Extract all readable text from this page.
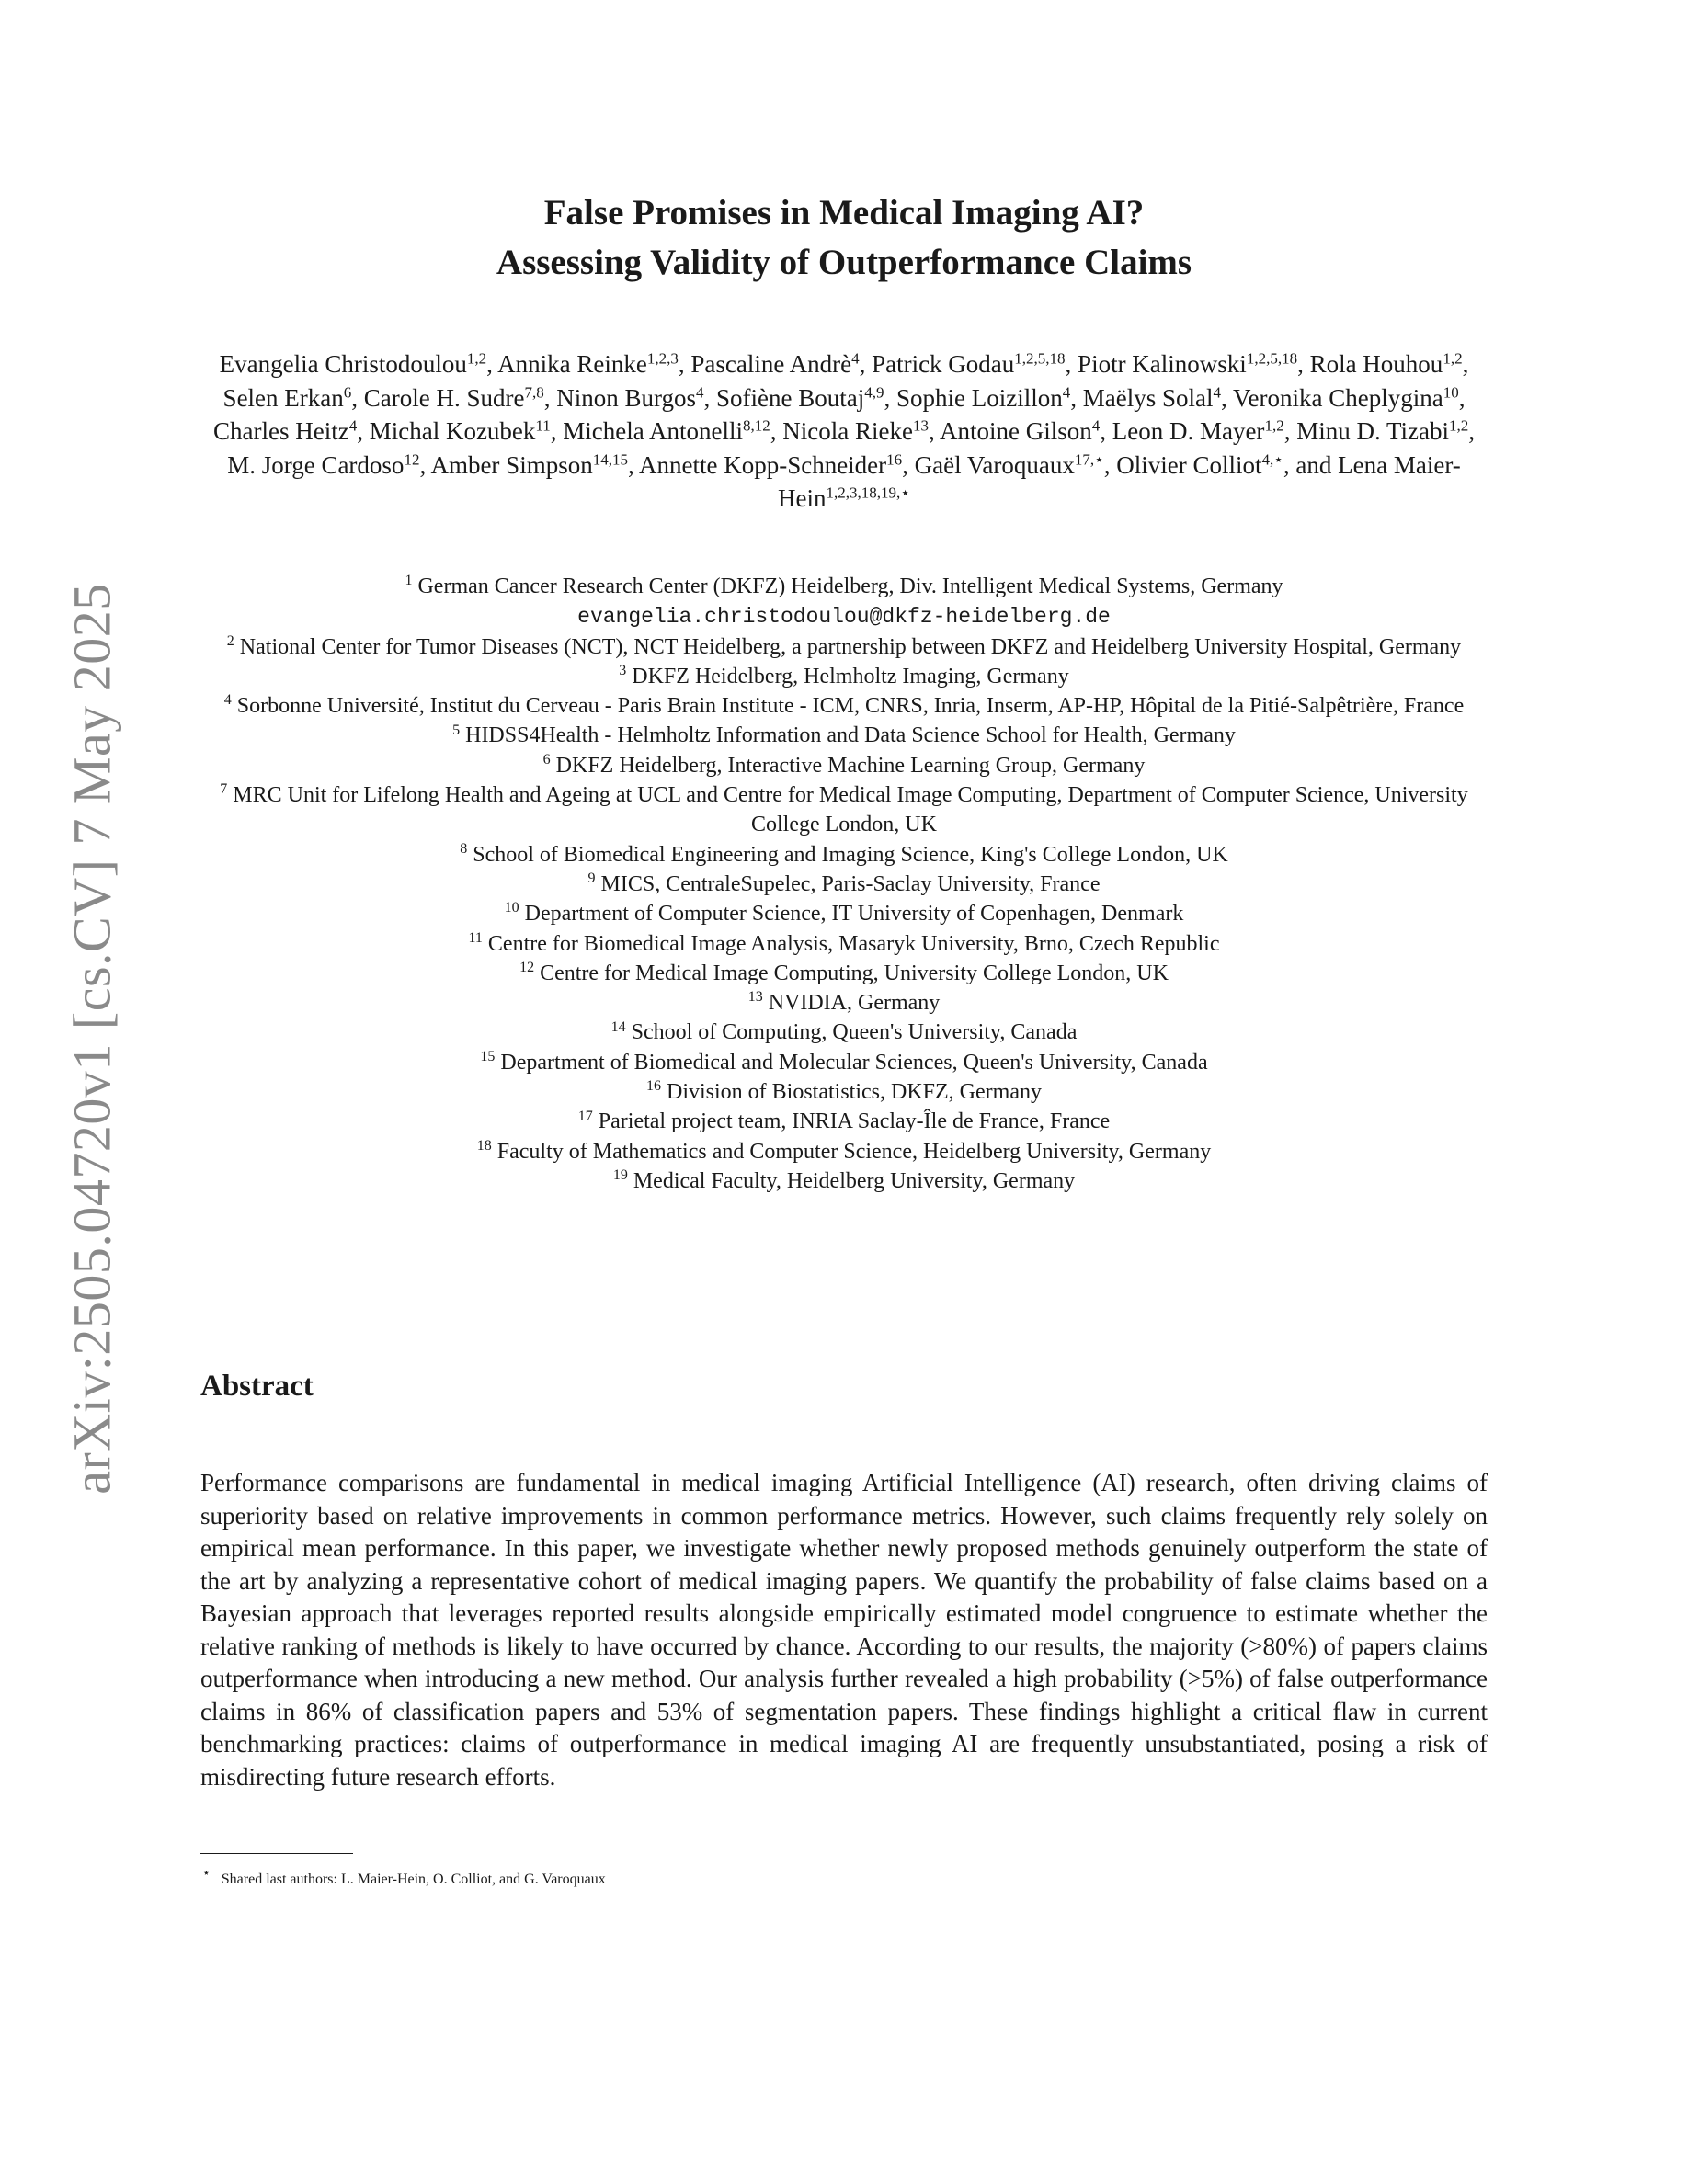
arXiv:2505.04720v1 [cs.CV] 7 May 2025
False Promises in Medical Imaging AI?
Assessing Validity of Outperformance Claims
Evangelia Christodoulou$^{1,2}$, Annika Reinke$^{1,2,3}$, Pascaline Andrè$^4$, Patrick Godau$^{1,2,5,18}$, Piotr Kalinowski$^{1,2,5,18}$, Rola Houhou$^{1,2}$, Selen Erkan$^6$, Carole H. Sudre$^{7,8}$, Ninon Burgos$^4$, Sofiène Boutaj$^{4,9}$, Sophie Loizillon$^4$, Maëlys Solal$^4$, Veronika Cheplygina$^{10}$, Charles Heitz$^4$, Michal Kozubek$^{11}$, Michela Antonelli$^{8,12}$, Nicola Rieke$^{13}$, Antoine Gilson$^4$, Leon D. Mayer$^{1,2}$, Minu D. Tizabi$^{1,2}$, M. Jorge Cardoso$^{12}$, Amber Simpson$^{14,15}$, Annette Kopp-Schneider$^{16}$, Gaël Varoquaux$^{17,⋆}$, Olivier Colliot$^{4,⋆}$, and Lena Maier-Hein$^{1,2,3,18,19,⋆}$
$^1$ German Cancer Research Center (DKFZ) Heidelberg, Div. Intelligent Medical Systems, Germany
evangelia.christodoulou@dkfz-heidelberg.de
$^2$ National Center for Tumor Diseases (NCT), NCT Heidelberg, a partnership between DKFZ and Heidelberg University Hospital, Germany
$^3$ DKFZ Heidelberg, Helmholtz Imaging, Germany
$^4$ Sorbonne Université, Institut du Cerveau - Paris Brain Institute - ICM, CNRS, Inria, Inserm, AP-HP, Hôpital de la Pitié-Salpêtrière, France
$^5$ HIDSS4Health - Helmholtz Information and Data Science School for Health, Germany
$^6$ DKFZ Heidelberg, Interactive Machine Learning Group, Germany
$^7$ MRC Unit for Lifelong Health and Ageing at UCL and Centre for Medical Image Computing, Department of Computer Science, University College London, UK
$^8$ School of Biomedical Engineering and Imaging Science, King's College London, UK
$^9$ MICS, CentraleSupelec, Paris-Saclay University, France
$^{10}$ Department of Computer Science, IT University of Copenhagen, Denmark
$^{11}$ Centre for Biomedical Image Analysis, Masaryk University, Brno, Czech Republic
$^{12}$ Centre for Medical Image Computing, University College London, UK
$^{13}$ NVIDIA, Germany
$^{14}$ School of Computing, Queen's University, Canada
$^{15}$ Department of Biomedical and Molecular Sciences, Queen's University, Canada
$^{16}$ Division of Biostatistics, DKFZ, Germany
$^{17}$ Parietal project team, INRIA Saclay-Île de France, France
$^{18}$ Faculty of Mathematics and Computer Science, Heidelberg University, Germany
$^{19}$ Medical Faculty, Heidelberg University, Germany
Abstract

Performance comparisons are fundamental in medical imaging Artificial Intelligence (AI) research, often driving claims of superiority based on relative improvements in common performance metrics. However, such claims frequently rely solely on empirical mean performance. In this paper, we investigate whether newly proposed methods genuinely outperform the state of the art by analyzing a representative cohort of medical imaging papers. We quantify the probability of false claims based on a Bayesian approach that leverages reported results alongside empirically estimated model congruence to estimate whether the relative ranking of methods is likely to have occurred by chance. According to our results, the majority (>80%) of papers claims outperformance when introducing a new method. Our analysis further revealed a high probability (>5%) of false outperformance claims in 86% of classification papers and 53% of segmentation papers. These findings highlight a critical flaw in current benchmarking practices: claims of outperformance in medical imaging AI are frequently unsubstantiated, posing a risk of misdirecting future research efforts.

⋆ Shared last authors: L. Maier-Hein, O. Colliot, and G. Varoquaux
